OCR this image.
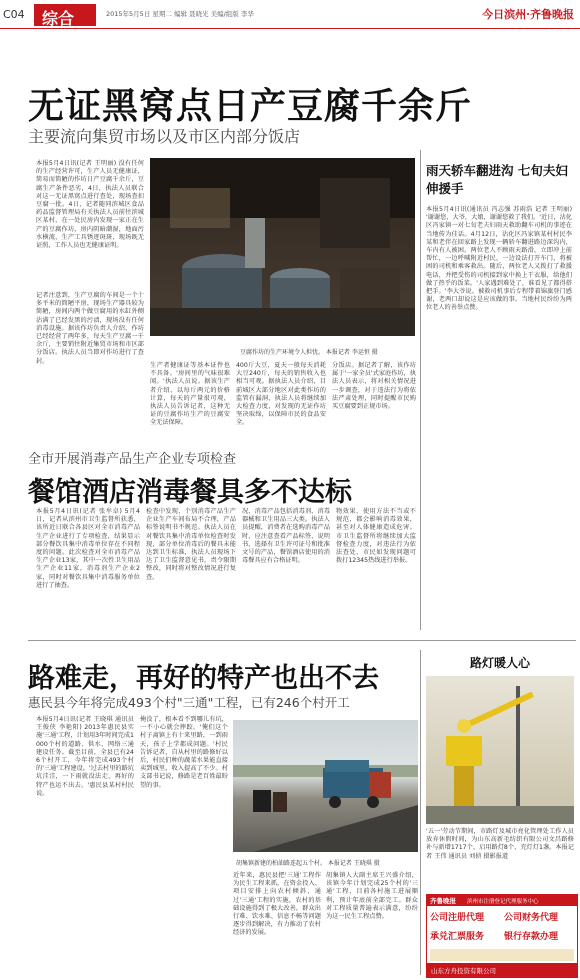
C04 综合	2015年5月5日 星期二 编辑 聂晓光 美编/组版 李华	今日滨州·齐鲁晚报
无证黑窝点日产豆腐千余斤
主要流向集贸市场以及市区内部分饭店
本报5月4日讯(记者 王明丽) 没有任何的生产经营许可，生产人员无健康证，简易而简陋的作坊日产豆腐千余斤，豆腐生产条件恶劣，4日，执法人员联合对这一无证黑窝点进行查处，现场查扣豆腐一批。4日，记者随同滨城区食品药品监督管理局有关执法人员前往滨城区某村，在一处民房内发现一家正在生产的豆腐作坊，房内阴暗潮湿，地面污水横流，生产工具锈迹斑斑，现场既无证照，工作人员也无健康证明。
记者注意到，生产豆腐的车间是一个十多平米的简陋平房，现场生产器具较为简陋，房间内两个做豆腐用的水缸外侧沾满了已经发黑的污渍，现场没有任何消毒设施。据该作坊负责人介绍，作坊已经经营了两年多，每天生产豆腐一千余斤，主要销往附近集贸市场和市区部分饭店。执法人员当即对作坊进行了查封。
豆腐作坊的生产环境令人担忧。 本报记者 李运恒 摄
生产者健康证等基本证件也不具备。'房间里的气味很难闻。'执法人员说。据该生产者介绍，以每斤两元的价格计算，每天的产量很可观，执法人员告诉记者，这种无证的豆腐作坊生产的豆腐安全无法保障。
400斤大豆，夏天一般每天消耗大豆240斤，每天的销售收入也相当可观。据执法人员介绍，目前城区大部分地区对此类作坊的监管有漏洞，执法人员将继续加大检查力度，对发现的无证作坊坚决取缔，以保障市民的食品安全。
分饭店。据记者了解，该作坊属于'一家全员'式家庭作坊，执法人员表示，将对相关情况进一步调查，对于违法行为将依法严肃处理，同时提醒市民购买豆腐要到正规市场。
雨天轿车翻进沟 七旬夫妇伸援手
本报5月4日讯(通讯员 冯志强 苏雨浩 记者 王明丽) '谢谢您，大爷，大娘，谢谢您救了我们。'近日，沾化区冯家镇一对七旬老夫妇雨天救助翻车司机的事迹在当地传为佳话。4月12日，沾化区冯家镇某村村民李某和老伴在回家路上发现一辆轿车翻进路边深沟内，车内有人被困。两位老人不顾雨天路滑，立即冲上前帮忙，一边呼喊附近村民，一边设法打开车门，将被困的司机和乘客救出。随后，两位老人又拨打了救援电话，并把受伤的司机接到家中换上干衣服，给他们做了热乎的饭菜。'人家遇到难处了，谁看见了都得搭把手。'李大爷说。被救司机事后专程带着锦旗登门感谢，老两口却说这是应该做的事。当地村民纷纷为两位老人的善举点赞。
全市开展消毒产品生产企业专项检查
餐馆酒店消毒餐具多不达标
本报5月4日讯(记者 张牟卓) 5月4日，记者从滨州市卫生监督所获悉，该所近日联合各县区对全市消毒产品生产企业进行了专项检查，结果显示部分餐饮具集中消毒单位存在不同程度的问题。此次检查对全市消毒产品生产企业13家，其中一次性卫生用品生产企业11家，消毒剂生产企业2家，同时对餐饮具集中消毒服务单位进行了抽查。
检查中发现，个别消毒产品生产企业生产车间布局不合理，产品标签说明书不规范。执法人员在对餐饮具集中消毒单位检查时发现，部分单位消毒后的餐具未能达到卫生标准，执法人员现场下达了卫生监督意见书，责令限期整改，同时将对整改情况进行复查。
况，消毒产品包括消毒剂、消毒器械和卫生用品三大类。执法人员提醒，消费者在选购消毒产品时，应注意查看产品标签、说明书，选择有卫生许可证号和批准文号的产品，餐馆酒店使用的消毒餐具应有合格证明。
物效果，使用方法不当或不规范，都会影响消毒效果，甚至对人体健康造成危害。市卫生监督所将继续加大监督检查力度，对违法行为依法查处，市民如发现问题可拨打12345热线进行举报。
路难走，再好的特产也出不去
惠民县今年将完成493个村"三通"工程，已有246个村开工
本报5月4日讯(记者 王晓琪 通讯员 王俊侠 李艳阳) 2013年惠民县实施'三通'工程，计划用3年时间完成1000个村的道路、供水、网络三通建设任务。截至目前，全县已有246个村开工，今年将完成493个村的'三通'工程建设。'过去村里的路坑坑洼洼，一下雨就没法走，再好的特产也运不出去。'惠民县某村村民说。
掩没了，根本看不到哪儿有坑，一不小心就会摔跤。'俺们这个村子离镇上有十来里路，一到雨天，孩子上学都成问题。'村民告诉记者，自从村里的路修好以后，村民们种的蔬菜水果能直接卖到城里，收入提高了不少。村支部书记说，修路是老百姓最盼望的事。
胡集镇新建的柏油路连起五个村。 本报记者 王晓琪 摄
近年来，惠民县把'三通'工程作为民生工程来抓，在资金投入、项目安排上向农村倾斜，通过'三通'工程的实施，农村的基础设施得到了极大改善，群众出行难、饮水难、信息不畅等问题逐步得到解决，有力推动了农村经济的发展。
胡集镇人大副主席王兴盛介绍，该镇今年计划完成25个村的'三通'工程，目前各村施工进展顺利，预计年底前全部完工。群众对工程质量普遍表示满意，纷纷为这一民生工程点赞。
路灯暖人心
'五一'劳动节期间，市路灯及城市亮化管理处工作人员放弃休假时间，为山东高新毛纺织有限公司文昌路修补与新增1717个、启用路灯8个、充灯灯1盏。本报记者 王伟 通讯员 刘侦 摄影报道
齐鲁晚报 滨州市注册登记代理服务中心
公司注册代理	公司财务代理
承兑汇票服务	银行存款办理
山东方舟投资有限公司
